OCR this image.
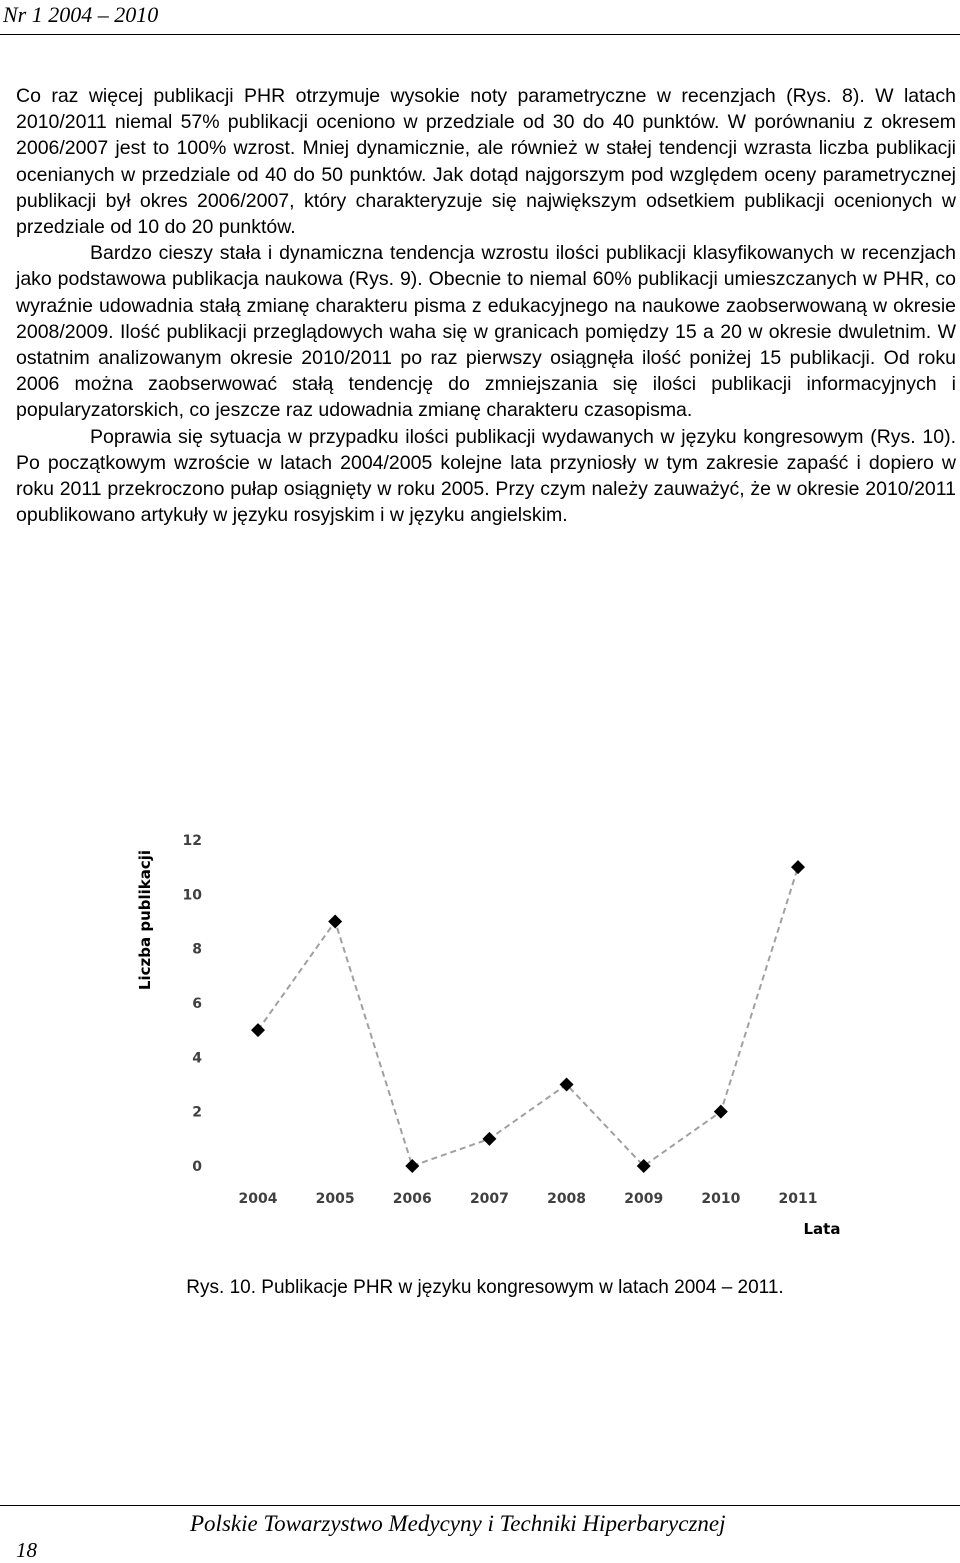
Nr 1 2004 – 2010

Co raz więcej publikacji PHR otrzymuje wysokie noty parametryczne w recenzjach (Rys. 8). W latach 2010/2011 niemal 57% publikacji oceniono w przedziale od 30 do 40 punktów. W porównaniu z okresem 2006/2007 jest to 100% wzrost. Mniej dynamicznie, ale również w stałej tendencji wzrasta liczba publikacji ocenianych w przedziale od 40 do 50 punktów. Jak dotąd najgorszym pod względem oceny parametrycznej publikacji był okres 2006/2007, który charakteryzuje się największym odsetkiem publikacji ocenionych w przedziale od 10 do 20 punktów.

Bardzo cieszy stała i dynamiczna tendencja wzrostu ilości publikacji klasyfikowanych w recenzjach jako podstawowa publikacja naukowa (Rys. 9). Obecnie to niemal 60% publikacji umieszczanych w PHR, co wyraźnie udowadnia stałą zmianę charakteru pisma z edukacyjnego na naukowe zaobserwowaną w okresie 2008/2009. Ilość publikacji przeglądowych waha się w granicach pomiędzy 15 a 20 w okresie dwuletnim. W ostatnim analizowanym okresie 2010/2011 po raz pierwszy osiągnęła ilość poniżej 15 publikacji. Od roku 2006 można zaobserwować stałą tendencję do zmniejszania się ilości publikacji informacyjnych i popularyzatorskich, co jeszcze raz udowadnia zmianę charakteru czasopisma.

Poprawia się sytuacja w przypadku ilości publikacji wydawanych w języku kongresowym (Rys. 10). Po początkowym wzroście w latach 2004/2005 kolejne lata przyniosły w tym zakresie zapaść i dopiero w roku 2011 przekroczono pułap osiągnięty w roku 2005. Przy czym należy zauważyć, że w okresie 2010/2011 opublikowano artykuły w języku rosyjskim i w języku angielskim.

0
2
4
6
8
10
12
2004	2005	2006	2007	2008	2009	2010	2011
Liczba publikacji
Lata
Rys. 10. Publikacje PHR w języku kongresowym w latach 2004 – 2011.
Polskie Towarzystwo Medycyny i Techniki Hiperbarycznej
18
